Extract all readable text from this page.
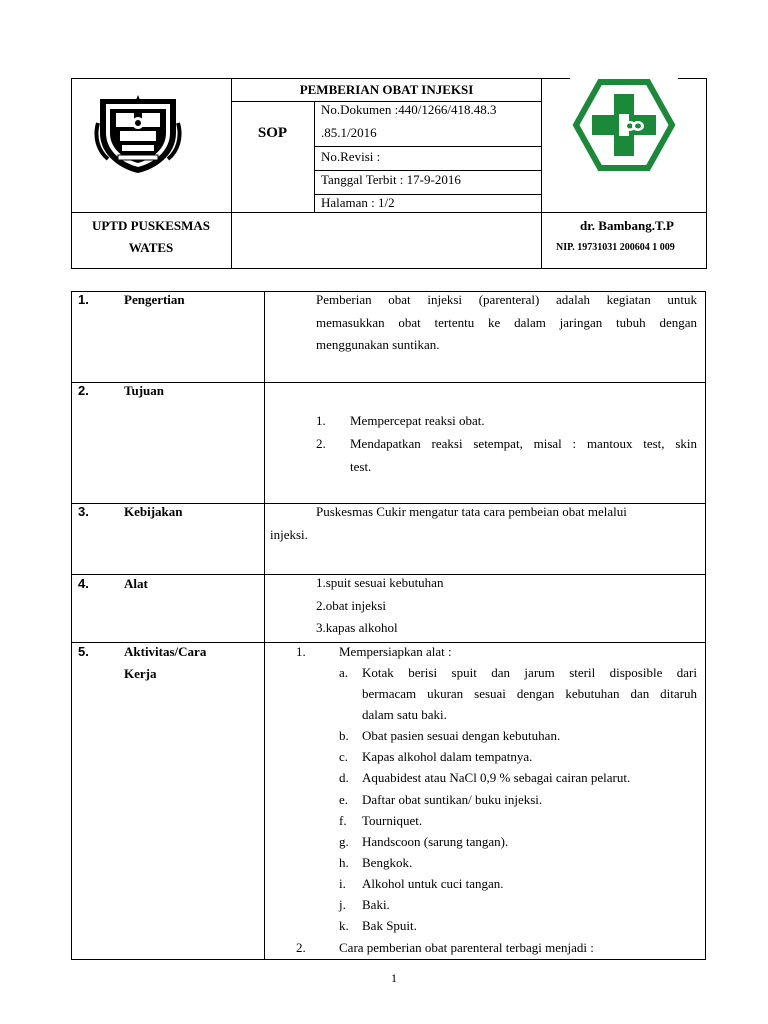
PEMBERIAN OBAT INJEKSI
SOP
No.Dokumen :440/1266/418.48.3
.85.1/2016
No.Revisi :
Tanggal Terbit : 17-9-2016
Halaman : 1/2
UPTD PUSKESMAS
WATES
dr. Bambang.T.P
NIP. 19731031 200604 1 009
1.	Pengertian	Pemberian obat injeksi (parenteral) adalah kegiatan untuk
memasukkan obat tertentu ke dalam jaringan tubuh dengan
menggunakan suntikan.
2.	Tujuan
1. Mempercepat reaksi obat.
2. Mendapatkan reaksi setempat, misal : mantoux test, skin
test.
3.	Kebijakan	Puskesmas Cukir mengatur tata cara pembeian obat melalui
injeksi.
4.	Alat	1.spuit sesuai kebutuhan
2.obat injeksi
3.kapas alkohol
5.	Aktivitas/Cara
Kerja
1.	Mempersiapkan alat :
a. Kotak berisi spuit dan jarum steril disposible dari
bermacam ukuran sesuai dengan kebutuhan dan ditaruh
dalam satu baki.
b. Obat pasien sesuai dengan kebutuhan.
c. Kapas alkohol dalam tempatnya.
d. Aquabidest atau NaCl 0,9 % sebagai cairan pelarut.
e. Daftar obat suntikan/ buku injeksi.
f. Tourniquet.
g. Handscoon (sarung tangan).
h. Bengkok.
i. Alkohol untuk cuci tangan.
j. Baki.
k. Bak Spuit.
2.	Cara pemberian obat parenteral terbagi menjadi :
1
